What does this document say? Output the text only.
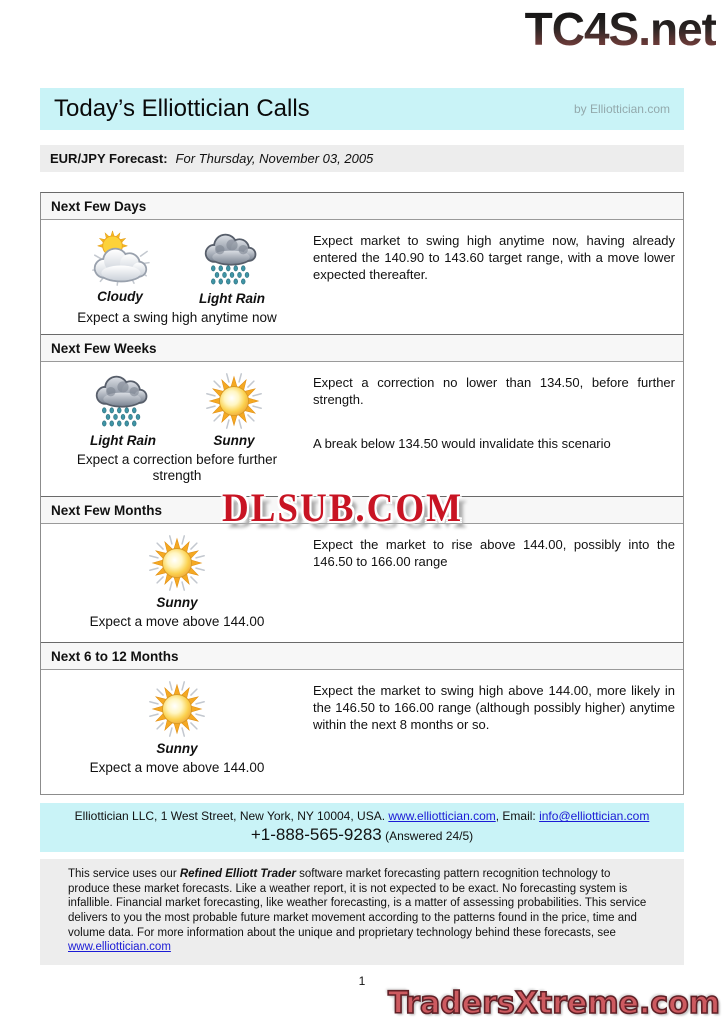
TC4S.net
Today’s Elliottician Calls	by Elliottician.com
EUR/JPY Forecast: For Thursday, November 03, 2005
Next Few Days
Cloudy	Light Rain
Expect a swing high anytime now

Expect market to swing high anytime now, having already entered the 140.90 to 143.60 target range, with a move lower expected thereafter.

Next Few Weeks
Light Rain	Sunny
Expect a correction before further strength

Expect a correction no lower than 134.50, before further strength.

A break below 134.50 would invalidate this scenario

Next Few Months
Sunny
Expect a move above 144.00

Expect the market to rise above 144.00, possibly into the 146.50 to 166.00 range

Next 6 to 12 Months
Sunny
Expect a move above 144.00

Expect the market to swing high above 144.00, more likely in the 146.50 to 166.00 range (although possibly higher) anytime within the next 8 months or so.

Elliottician LLC, 1 West Street, New York, NY 10004, USA. www.elliottician.com, Email: info@elliottician.com
+1-888-565-9283 (Answered 24/5)
This service uses our Refined Elliott Trader software market forecasting pattern recognition technology to produce these market forecasts. Like a weather report, it is not expected to be exact. No forecasting system is infallible. Financial market forecasting, like weather forecasting, is a matter of assessing probabilities. This service delivers to you the most probable future market movement according to the patterns found in the price, time and volume data. For more information about the unique and proprietary technology behind these forecasts, see www.elliottician.com
1
DLSUB.COM
TradersXtreme.com
